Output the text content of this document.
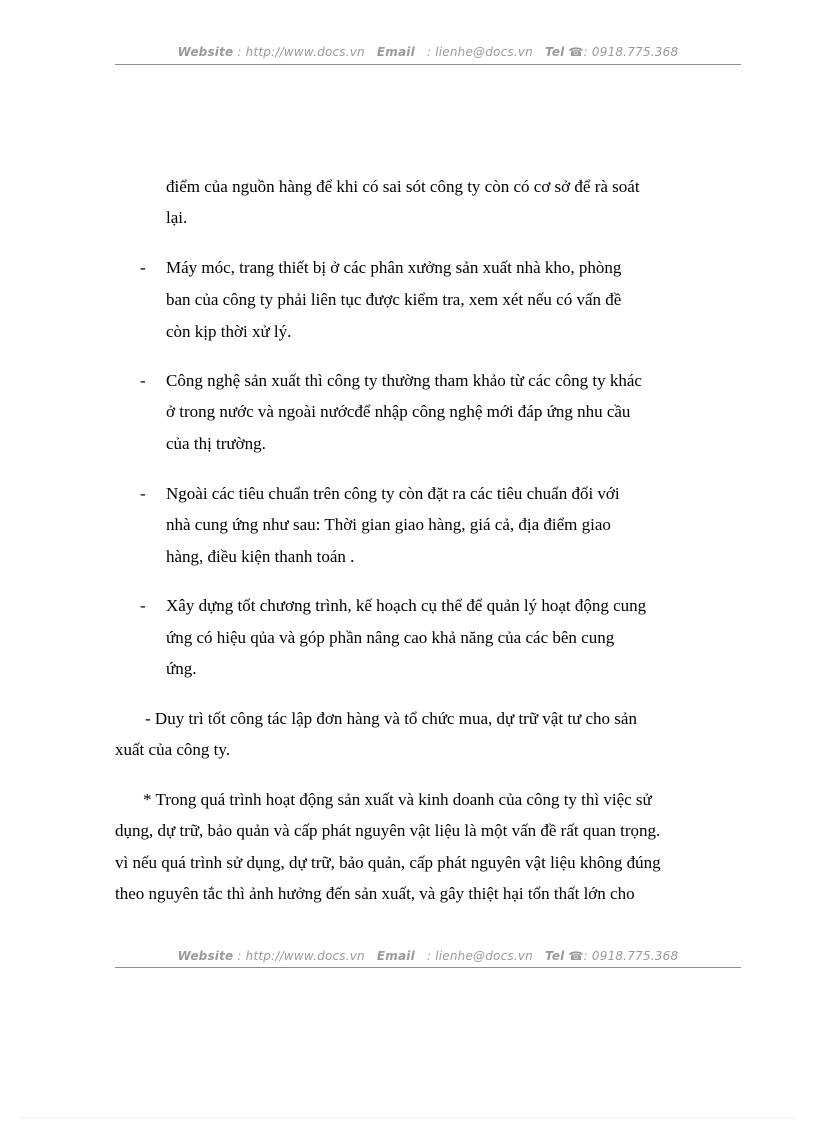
Website : http://www.docs.vn Email : lienhe@docs.vn Tel ☎: 0918.775.368
điểm của nguồn hàng để khi có sai sót công ty còn có cơ sở để rà soát
lại.
- Máy móc, trang thiết bị ở các phân xưởng sản xuất nhà kho, phòng
ban của công ty phải liên tục được kiểm tra, xem xét nếu có vấn đề
còn kịp thời xử lý.
- Công nghệ sản xuất thì công ty thường tham khảo từ các công ty khác
ở trong nước và ngoài nướcđể nhập công nghệ mới đáp ứng nhu cầu
của thị trường.
- Ngoài các tiêu chuẩn trên công ty còn đặt ra các tiêu chuẩn đối với
nhà cung ứng như sau: Thời gian giao hàng, giá cả, địa điểm giao
hàng, điều kiện thanh toán .
- Xây dựng tốt chương trình, kế hoạch cụ thể để quản lý hoạt động cung
ứng có hiệu qủa và góp phần nâng cao khả năng của các bên cung
ứng.
- Duy trì tốt công tác lập đơn hàng và tổ chức mua, dự trữ vật tư cho sản
xuất của công ty.
* Trong quá trình hoạt động sản xuất và kinh doanh của công ty thì việc sử
dụng, dự trữ, bảo quản và cấp phát nguyên vật liệu là một vấn đề rất quan trọng.
vì nếu quá trình sử dụng, dự trữ, bảo quản, cấp phát nguyên vật liệu không đúng
theo nguyên tắc thì ảnh hưởng đến sản xuất, và gây thiệt hại tổn thất lớn cho
Website : http://www.docs.vn Email : lienhe@docs.vn Tel ☎: 0918.775.368
